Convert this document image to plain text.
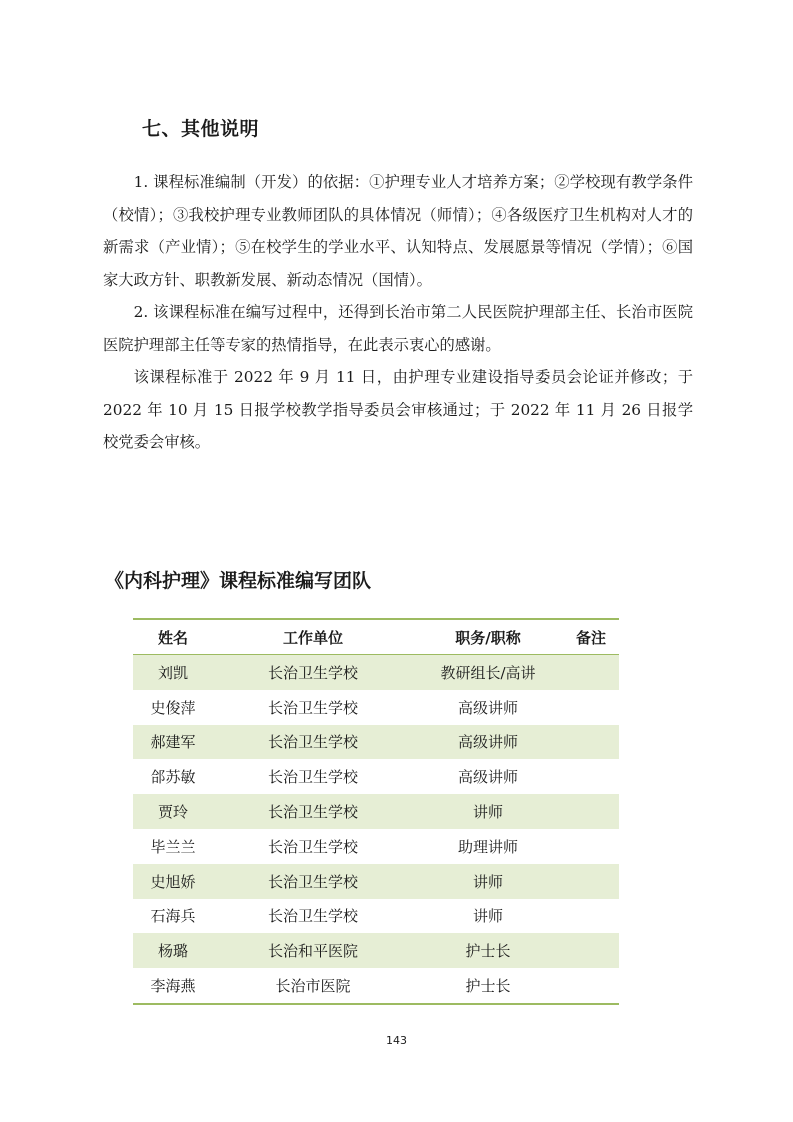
七、其他说明

1. 课程标准编制（开发）的依据：①护理专业人才培养方案；②学校现有教学条件（校情）；③我校护理专业教师团队的具体情况（师情）；④各级医疗卫生机构对人才的新需求（产业情）；⑤在校学生的学业水平、认知特点、发展愿景等情况（学情）；⑥国家大政方针、职教新发展、新动态情况（国情）。

2. 该课程标准在编写过程中，还得到长治市第二人民医院护理部主任、长治市医院医院护理部主任等专家的热情指导，在此表示衷心的感谢。

该课程标准于 2022 年 9 月 11 日，由护理专业建设指导委员会论证并修改；于 2022 年 10 月 15 日报学校教学指导委员会审核通过；于 2022 年 11 月 26 日报学校党委会审核。

《内科护理》课程标准编写团队
姓名	工作单位	职务/职称	备注
刘凯	长治卫生学校	教研组长/高讲	
史俊萍	长治卫生学校	高级讲师	
郝建军	长治卫生学校	高级讲师	
郃苏敏	长治卫生学校	高级讲师	
贾玲	长治卫生学校	讲师	
毕兰兰	长治卫生学校	助理讲师	
史旭娇	长治卫生学校	讲师	
石海兵	长治卫生学校	讲师	
杨璐	长治和平医院	护士长	
李海燕	长治市医院	护士长	
143
